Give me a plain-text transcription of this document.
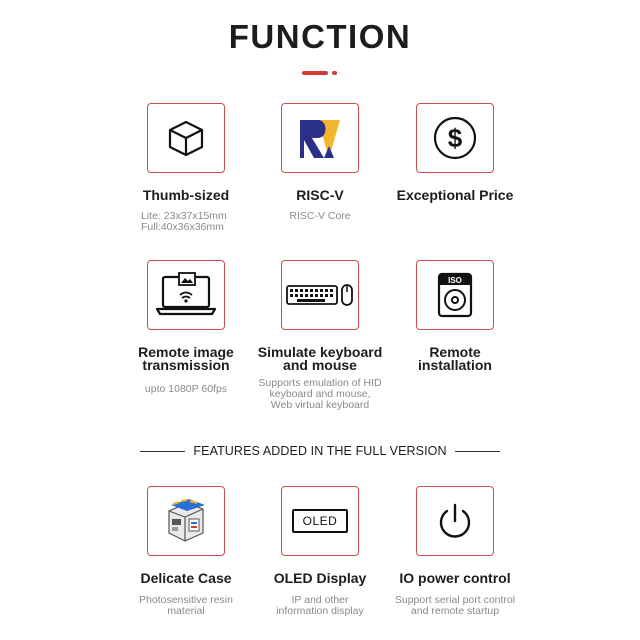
FUNCTION
$
Thumb-sized	RISC-V	Exceptional Price
Lite: 23x37x15mm
Full:40x36x36mm
RISC-V Core
ISO
Remote image
transmission
Simulate keyboard
and mouse
Remote
installation
upto 1080P 60fps	Supports emulation of HID
keyboard and mouse,
Web virtual keyboard
FEATURES ADDED IN THE FULL VERSION
OLED
Delicate Case	OLED Display	IO power control
Photosensitive resin
material
IP and other
information display
Support serial port control
and remote startup
